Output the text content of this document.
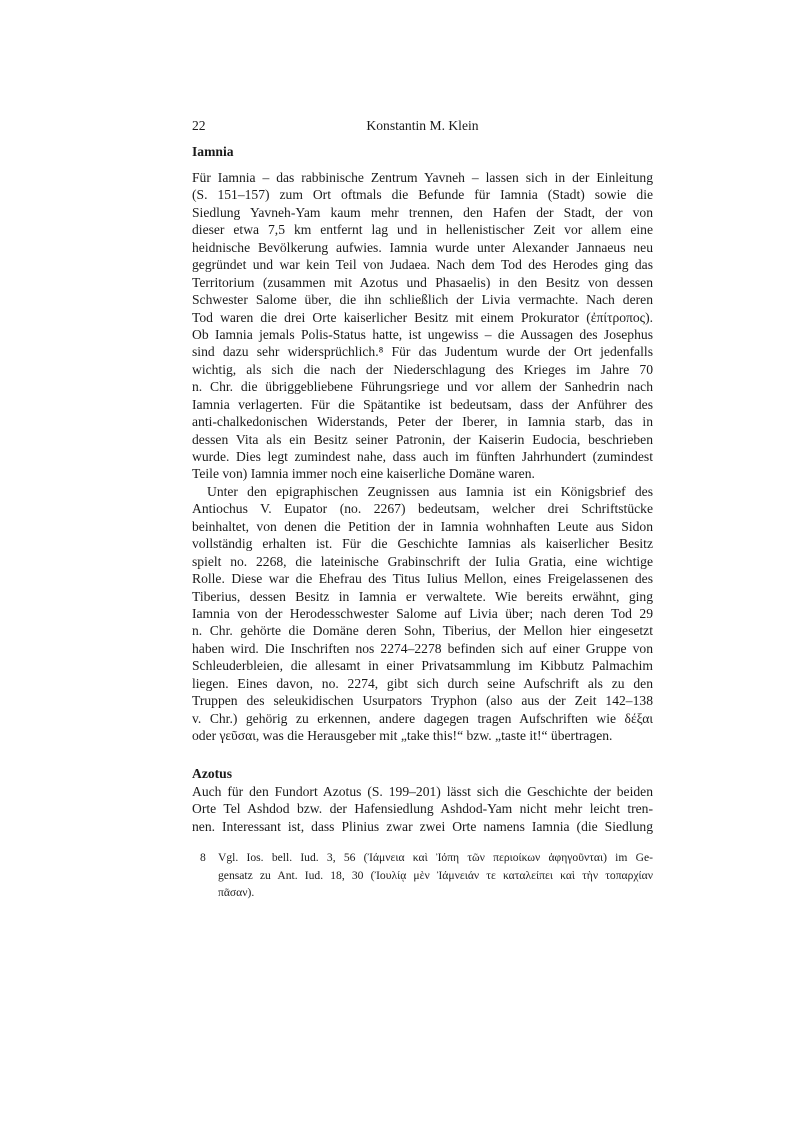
22	Konstantin M. Klein
Iamnia
Für Iamnia – das rabbinische Zentrum Yavneh – lassen sich in der Einleitung
(S. 151–157) zum Ort oftmals die Befunde für Iamnia (Stadt) sowie die
Siedlung Yavneh-Yam kaum mehr trennen, den Hafen der Stadt, der von
dieser etwa 7,5 km entfernt lag und in hellenistischer Zeit vor allem eine
heidnische Bevölkerung aufwies. Iamnia wurde unter Alexander Jannaeus neu
gegründet und war kein Teil von Judaea. Nach dem Tod des Herodes ging das
Territorium (zusammen mit Azotus und Phasaelis) in den Besitz von dessen
Schwester Salome über, die ihn schließlich der Livia vermachte. Nach deren
Tod waren die drei Orte kaiserlicher Besitz mit einem Prokurator (ἐπίτροπος).
Ob Iamnia jemals Polis-Status hatte, ist ungewiss – die Aussagen des Josephus
sind dazu sehr widersprüchlich.⁸ Für das Judentum wurde der Ort jedenfalls
wichtig, als sich die nach der Niederschlagung des Krieges im Jahre 70
n. Chr. die übriggebliebene Führungsriege und vor allem der Sanhedrin nach
Iamnia verlagerten. Für die Spätantike ist bedeutsam, dass der Anführer des
anti-chalkedonischen Widerstands, Peter der Iberer, in Iamnia starb, das in
dessen Vita als ein Besitz seiner Patronin, der Kaiserin Eudocia, beschrieben
wurde. Dies legt zumindest nahe, dass auch im fünften Jahrhundert (zumindest
Teile von) Iamnia immer noch eine kaiserliche Domäne waren.
Unter den epigraphischen Zeugnissen aus Iamnia ist ein Königsbrief des
Antiochus V. Eupator (no. 2267) bedeutsam, welcher drei Schriftstücke
beinhaltet, von denen die Petition der in Iamnia wohnhaften Leute aus Sidon
vollständig erhalten ist. Für die Geschichte Iamnias als kaiserlicher Besitz
spielt no. 2268, die lateinische Grabinschrift der Iulia Gratia, eine wichtige
Rolle. Diese war die Ehefrau des Titus Iulius Mellon, eines Freigelassenen des
Tiberius, dessen Besitz in Iamnia er verwaltete. Wie bereits erwähnt, ging
Iamnia von der Herodesschwester Salome auf Livia über; nach deren Tod 29
n. Chr. gehörte die Domäne deren Sohn, Tiberius, der Mellon hier eingesetzt
haben wird. Die Inschriften nos 2274–2278 befinden sich auf einer Gruppe von
Schleuderbleien, die allesamt in einer Privatsammlung im Kibbutz Palmachim
liegen. Eines davon, no. 2274, gibt sich durch seine Aufschrift als zu den
Truppen des seleukidischen Usurpators Tryphon (also aus der Zeit 142–138
v. Chr.) gehörig zu erkennen, andere dagegen tragen Aufschriften wie δέξαι
oder γεῦσαι, was die Herausgeber mit „take this!“ bzw. „taste it!“ übertragen.
Azotus
Auch für den Fundort Azotus (S. 199–201) lässt sich die Geschichte der beiden
Orte Tel Ashdod bzw. der Hafensiedlung Ashdod-Yam nicht mehr leicht tren-
nen. Interessant ist, dass Plinius zwar zwei Orte namens Iamnia (die Siedlung
8 Vgl. Ios. bell. Iud. 3, 56 (Ἰάμνεια καὶ Ἰόπη τῶν περιοίκων ἀφηγοῦνται) im Ge-
gensatz zu Ant. Iud. 18, 30 (Ἰουλίᾳ μὲν Ἰάμνειάν τε καταλείπει καὶ τὴν τοπαρχίαν
πᾶσαν).
